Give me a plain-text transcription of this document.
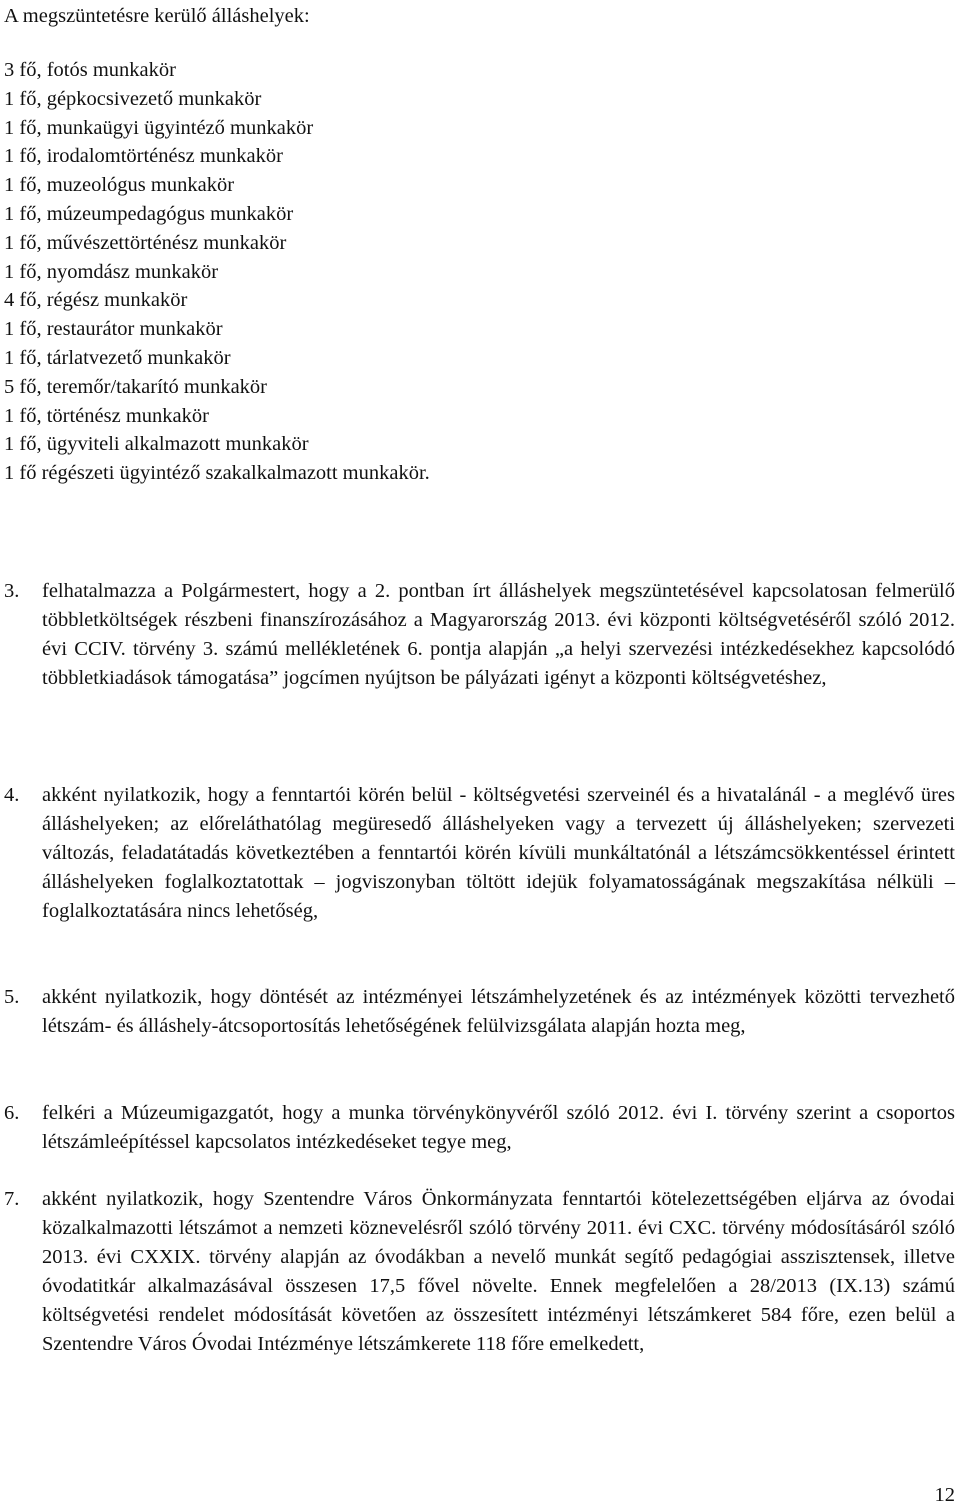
A megszüntetésre kerülő álláshelyek:
3 fő, fotós munkakör
1 fő, gépkocsivezető munkakör
1 fő, munkaügyi ügyintéző munkakör
1 fő, irodalomtörténész munkakör
1 fő, muzeológus munkakör
1 fő, múzeumpedagógus munkakör
1 fő, művészettörténész munkakör
1 fő, nyomdász munkakör
4 fő, régész munkakör
1 fő, restaurátor munkakör
1 fő, tárlatvezető munkakör
5 fő, teremőr/takarító munkakör
1 fő, történész munkakör
1 fő, ügyviteli alkalmazott munkakör
1 fő régészeti ügyintéző szakalkalmazott munkakör.
3. felhatalmazza a Polgármestert, hogy a 2. pontban írt álláshelyek megszüntetésével kapcsolatosan felmerülő többletköltségek részbeni finanszírozásához a Magyarország 2013. évi központi költségvetéséről szóló 2012. évi CCIV. törvény 3. számú mellékletének 6. pontja alapján „a helyi szervezési intézkedésekhez kapcsolódó többletkiadások támogatása” jogcímen nyújtson be pályázati igényt a központi költségvetéshez,
4. akként nyilatkozik, hogy a fenntartói körén belül - költségvetési szerveinél és a hivatalánál - a meglévő üres álláshelyeken; az előreláthatólag megüresedő álláshelyeken vagy a tervezett új álláshelyeken; szervezeti változás, feladatátadás következtében a fenntartói körén kívüli munkáltatónál a létszámcsökkentéssel érintett álláshelyeken foglalkoztatottak – jogviszonyban töltött idejük folyamatosságának megszakítása nélküli – foglalkoztatására nincs lehetőség,
5. akként nyilatkozik, hogy döntését az intézményei létszámhelyzetének és az intézmények közötti tervezhető létszám- és álláshely-átcsoportosítás lehetőségének felülvizsgálata alapján hozta meg,
6. felkéri a Múzeumigazgatót, hogy a munka törvénykönyvéről szóló 2012. évi I. törvény szerint a csoportos létszámleépítéssel kapcsolatos intézkedéseket tegye meg,
7. akként nyilatkozik, hogy Szentendre Város Önkormányzata fenntartói kötelezettségében eljárva az óvodai közalkalmazotti létszámot a nemzeti köznevelésről szóló törvény 2011. évi CXC. törvény módosításáról szóló 2013. évi CXXIX. törvény alapján az óvodákban a nevelő munkát segítő pedagógiai asszisztensek, illetve óvodatitkár alkalmazásával összesen 17,5 fővel növelte. Ennek megfelelően a 28/2013 (IX.13) számú költségvetési rendelet módosítását követően az összesített intézményi létszámkeret 584 főre, ezen belül a Szentendre Város Óvodai Intézménye létszámkerete 118 főre emelkedett,
12
